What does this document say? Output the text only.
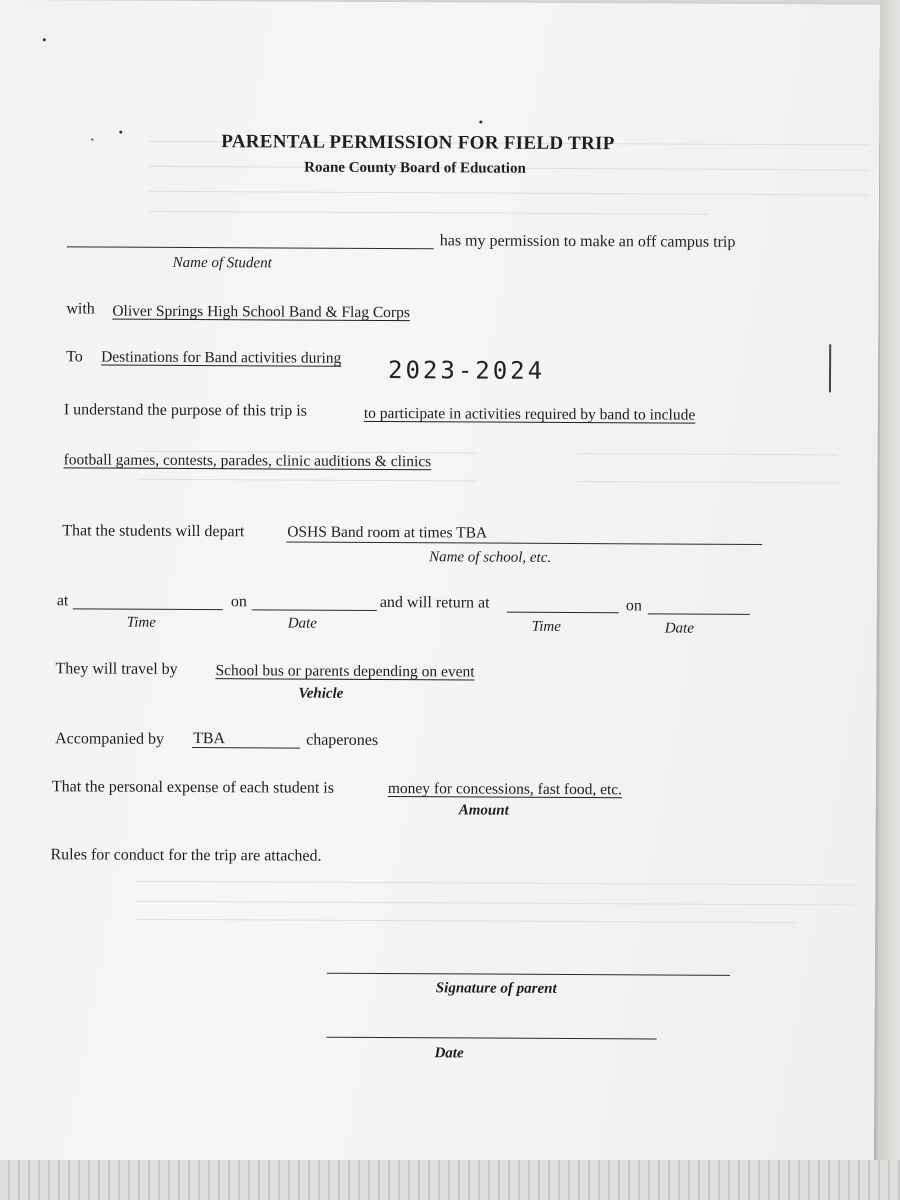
PARENTAL PERMISSION FOR FIELD TRIP
Roane County Board of Education
has my permission to make an off campus trip
Name of Student
with Oliver Springs High School Band & Flag Corps
To Destinations for Band activities during 2023-2024
I understand the purpose of this trip is	to participate in activities required by band to include
football games, contests, parades, clinic auditions & clinics
That the students will depart	OSHS Band room at times TBA
Name of school, etc.
at	on	and will return at	on
Time	Date	Time	Date
They will travel by School bus or parents depending on event
Vehicle
Accompanied by TBA	chaperones
That the personal expense of each student is	money for concessions, fast food, etc.
Amount
Rules for conduct for the trip are attached.
Signature of parent
Date
